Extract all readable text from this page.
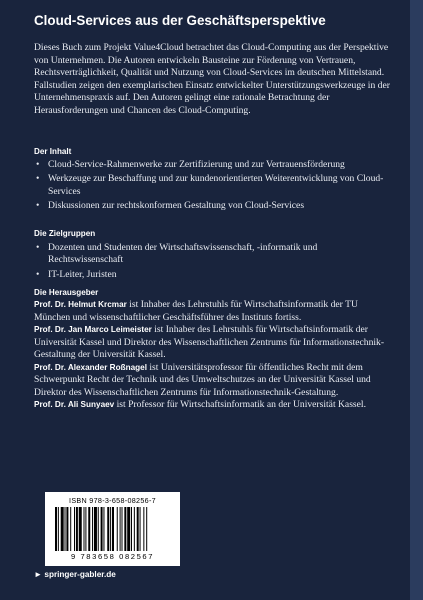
Cloud-Services aus der Geschäftsperspektive

Dieses Buch zum Projekt Value4Cloud betrachtet das Cloud-Computing aus der Perspektive von Unternehmen. Die Autoren entwickeln Bausteine zur Förderung von Vertrauen, Rechtsverträglichkeit, Qualität und Nutzung von Cloud-Services im deutschen Mittelstand. Fallstudien zeigen den exemplarischen Einsatz entwickelter Unterstützungswerkzeuge in der Unternehmenspraxis auf. Den Autoren gelingt eine rationale Betrachtung der Herausforderungen und Chancen des Cloud-Computing.

Der Inhalt
• Cloud-Service-Rahmenwerke zur Zertifizierung und zur Vertrauensförderung
• Werkzeuge zur Beschaffung und zur kundenorientierten Weiterentwicklung von Cloud-Services
• Diskussionen zur rechtskonformen Gestaltung von Cloud-Services
Die Zielgruppen
• Dozenten und Studenten der Wirtschaftswissenschaft, -informatik und Rechtswissenschaft
• IT-Leiter, Juristen
Die Herausgeber

Prof. Dr. Helmut Krcmar ist Inhaber des Lehrstuhls für Wirtschaftsinformatik der TU München und wissenschaftlicher Geschäftsführer des Instituts fortiss.

Prof. Dr. Jan Marco Leimeister ist Inhaber des Lehrstuhls für Wirtschaftsinformatik der Universität Kassel und Direktor des Wissenschaftlichen Zentrums für Informationstechnik-Gestaltung der Universität Kassel.

Prof. Dr. Alexander Roßnagel ist Universitätsprofessor für öffentliches Recht mit dem Schwerpunkt Recht der Technik und des Umweltschutzes an der Universität Kassel und Direktor des Wissenschaftlichen Zentrums für Informationstechnik-Gestaltung.

Prof. Dr. Ali Sunyaev ist Professor für Wirtschaftsinformatik an der Universität Kassel.

ISBN 978-3-658-08256-7
9 783658 082567
► springer-gabler.de
